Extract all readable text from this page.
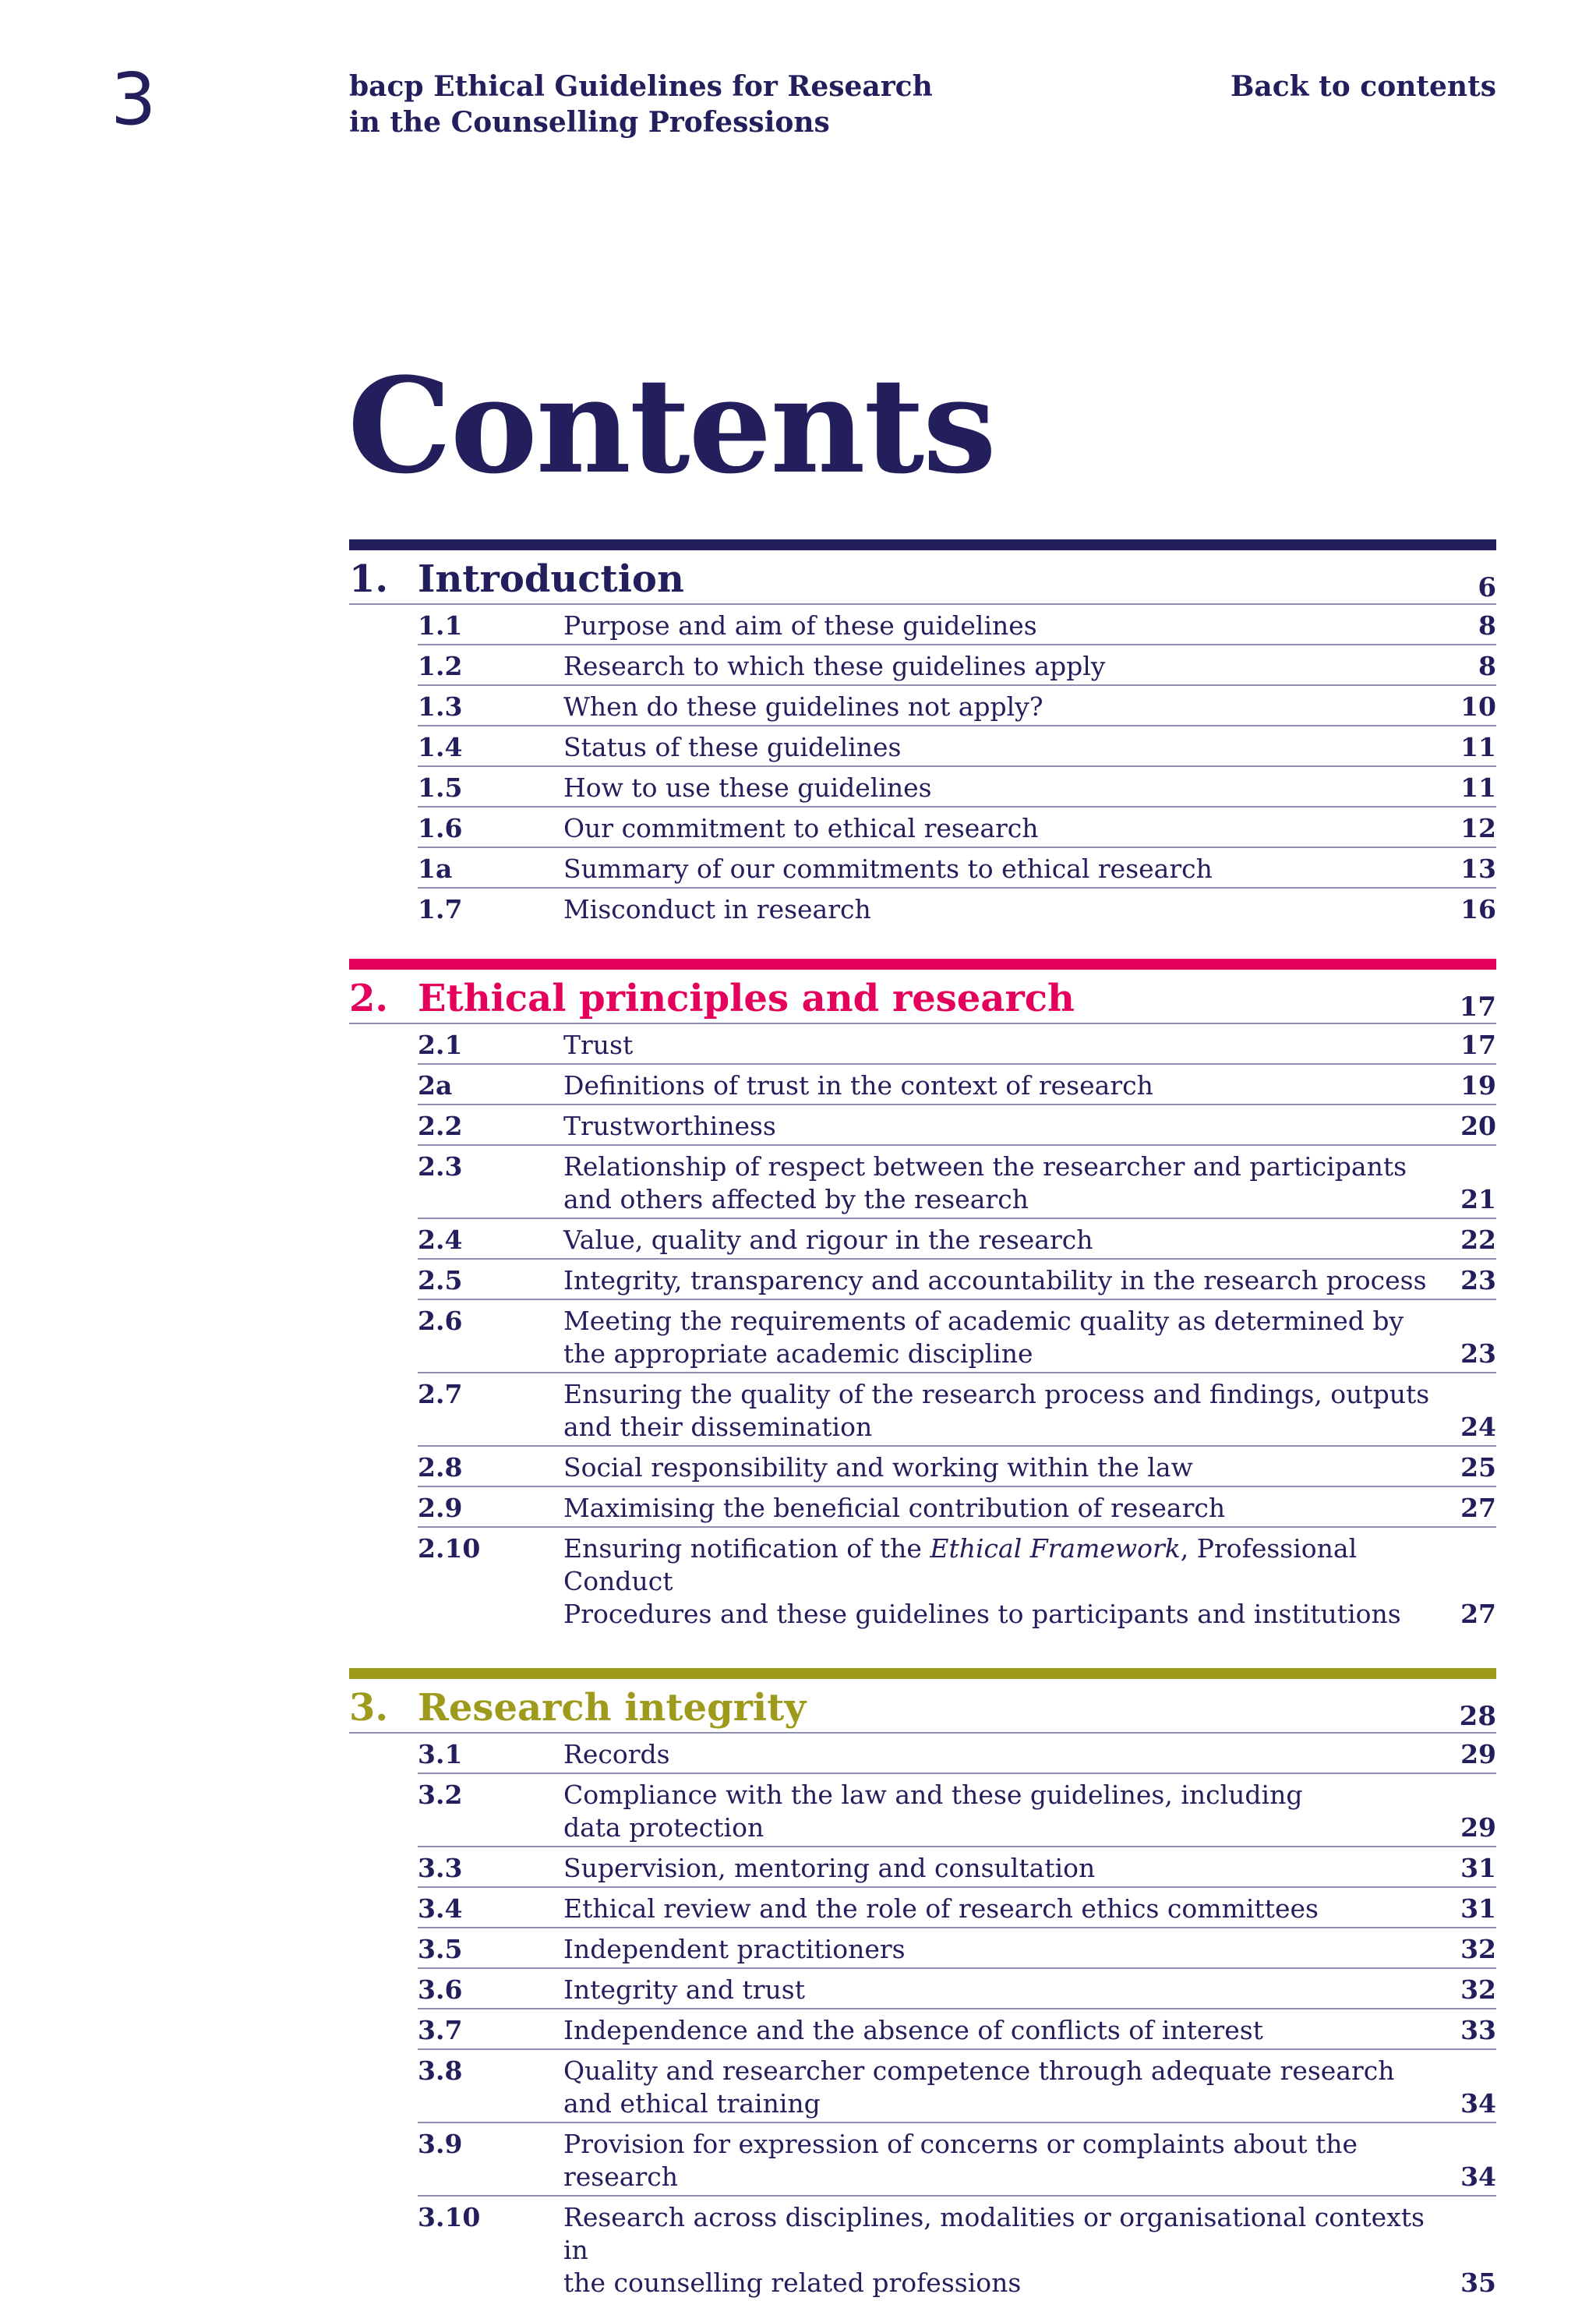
3	bacp Ethical Guidelines for Research
in the Counselling Professions
Back to contents
Contents
1. Introduction	6
1.1	Purpose and aim of these guidelines	8
1.2	Research to which these guidelines apply	8
1.3	When do these guidelines not apply?	10
1.4	Status of these guidelines	11
1.5	How to use these guidelines	11
1.6	Our commitment to ethical research	12
1a	Summary of our commitments to ethical research	13
1.7	Misconduct in research	16
2. Ethical principles and research	17
2.1	Trust	17
2a	Definitions of trust in the context of research	19
2.2	Trustworthiness	20
2.3	Relationship of respect between the researcher and participants
and others affected by the research	21
2.4	Value, quality and rigour in the research	22
2.5	Integrity, transparency and accountability in the research process	23
2.6	Meeting the requirements of academic quality as determined by
the appropriate academic discipline	23
2.7	Ensuring the quality of the research process and findings, outputs
and their dissemination	24
2.8	Social responsibility and working within the law	25
2.9	Maximising the beneficial contribution of research	27
2.10	Ensuring notification of the Ethical Framework, Professional Conduct
Procedures and these guidelines to participants and institutions	27
3. Research integrity	28
3.1	Records	29
3.2	Compliance with the law and these guidelines, including
data protection	29
3.3	Supervision, mentoring and consultation	31
3.4	Ethical review and the role of research ethics committees	31
3.5	Independent practitioners	32
3.6	Integrity and trust	32
3.7	Independence and the absence of conflicts of interest	33
3.8	Quality and researcher competence through adequate research
and ethical training	34
3.9	Provision for expression of concerns or complaints about the research	34
3.10	Research across disciplines, modalities or organisational contexts in
the counselling related professions	35
